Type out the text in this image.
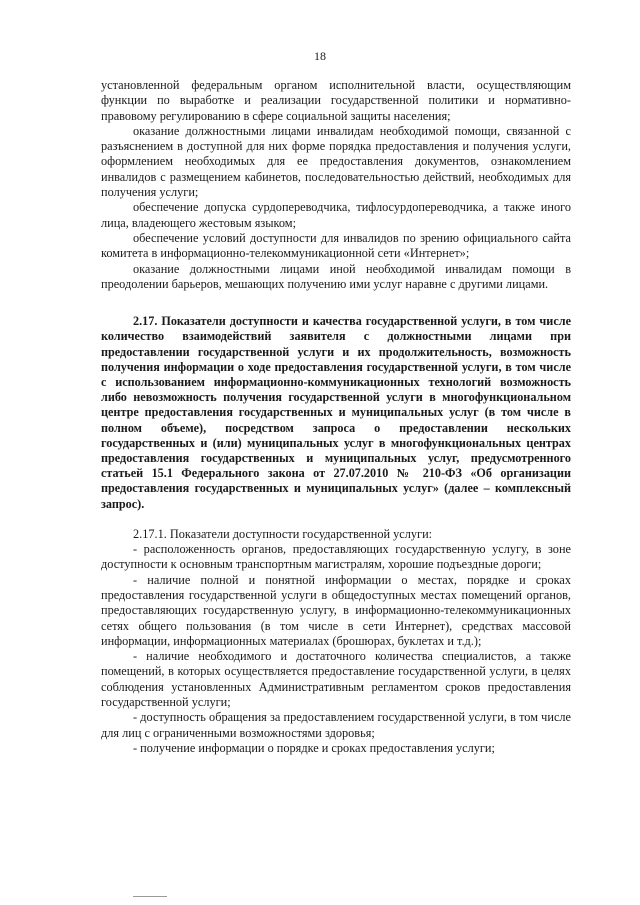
18

установленной федеральным органом исполнительной власти, осуществляющим функции по выработке и реализации государственной политики и нормативно-правовому регулированию в сфере социальной защиты населения;

оказание должностными лицами инвалидам необходимой помощи, связанной с разъяснением в доступной для них форме порядка предоставления и получения услуги, оформлением необходимых для ее предоставления документов, ознакомлением инвалидов с размещением кабинетов, последовательностью действий, необходимых для получения услуги;

обеспечение допуска сурдопереводчика, тифлосурдопереводчика, а также иного лица, владеющего жестовым языком;

обеспечение условий доступности для инвалидов по зрению официального сайта комитета в информационно-телекоммуникационной сети «Интернет»;

оказание должностными лицами иной необходимой инвалидам помощи в преодолении барьеров, мешающих получению ими услуг наравне с другими лицами.

2.17. Показатели доступности и качества государственной услуги, в том числе количество взаимодействий заявителя с должностными лицами при предоставлении государственной услуги и их продолжительность, возможность получения информации о ходе предоставления государственной услуги, в том числе с использованием информационно-коммуникационных технологий возможность либо невозможность получения государственной услуги в многофункциональном центре предоставления государственных и муниципальных услуг (в том числе в полном объеме), посредством запроса о предоставлении нескольких государственных и (или) муниципальных услуг в многофункциональных центрах предоставления государственных и муниципальных услуг, предусмотренного статьей 15.1 Федерального закона от 27.07.2010 № 210-ФЗ «Об организации предоставления государственных и муниципальных услуг» (далее – комплексный запрос).

2.17.1. Показатели доступности государственной услуги:

- расположенность органов, предоставляющих государственную услугу, в зоне доступности к основным транспортным магистралям, хорошие подъездные дороги;

- наличие полной и понятной информации о местах, порядке и сроках предоставления государственной услуги в общедоступных местах помещений органов, предоставляющих государственную услугу, в информационно-телекоммуникационных сетях общего пользования (в том числе в сети Интернет), средствах массовой информации, информационных материалах (брошюрах, буклетах и т.д.);

- наличие необходимого и достаточного количества специалистов, а также помещений, в которых осуществляется предоставление государственной услуги, в целях соблюдения установленных Административным регламентом сроков предоставления государственной услуги;

- доступность обращения за предоставлением государственной услуги, в том числе для лиц с ограниченными возможностями здоровья;

- получение информации о порядке и сроках предоставления услуги;
